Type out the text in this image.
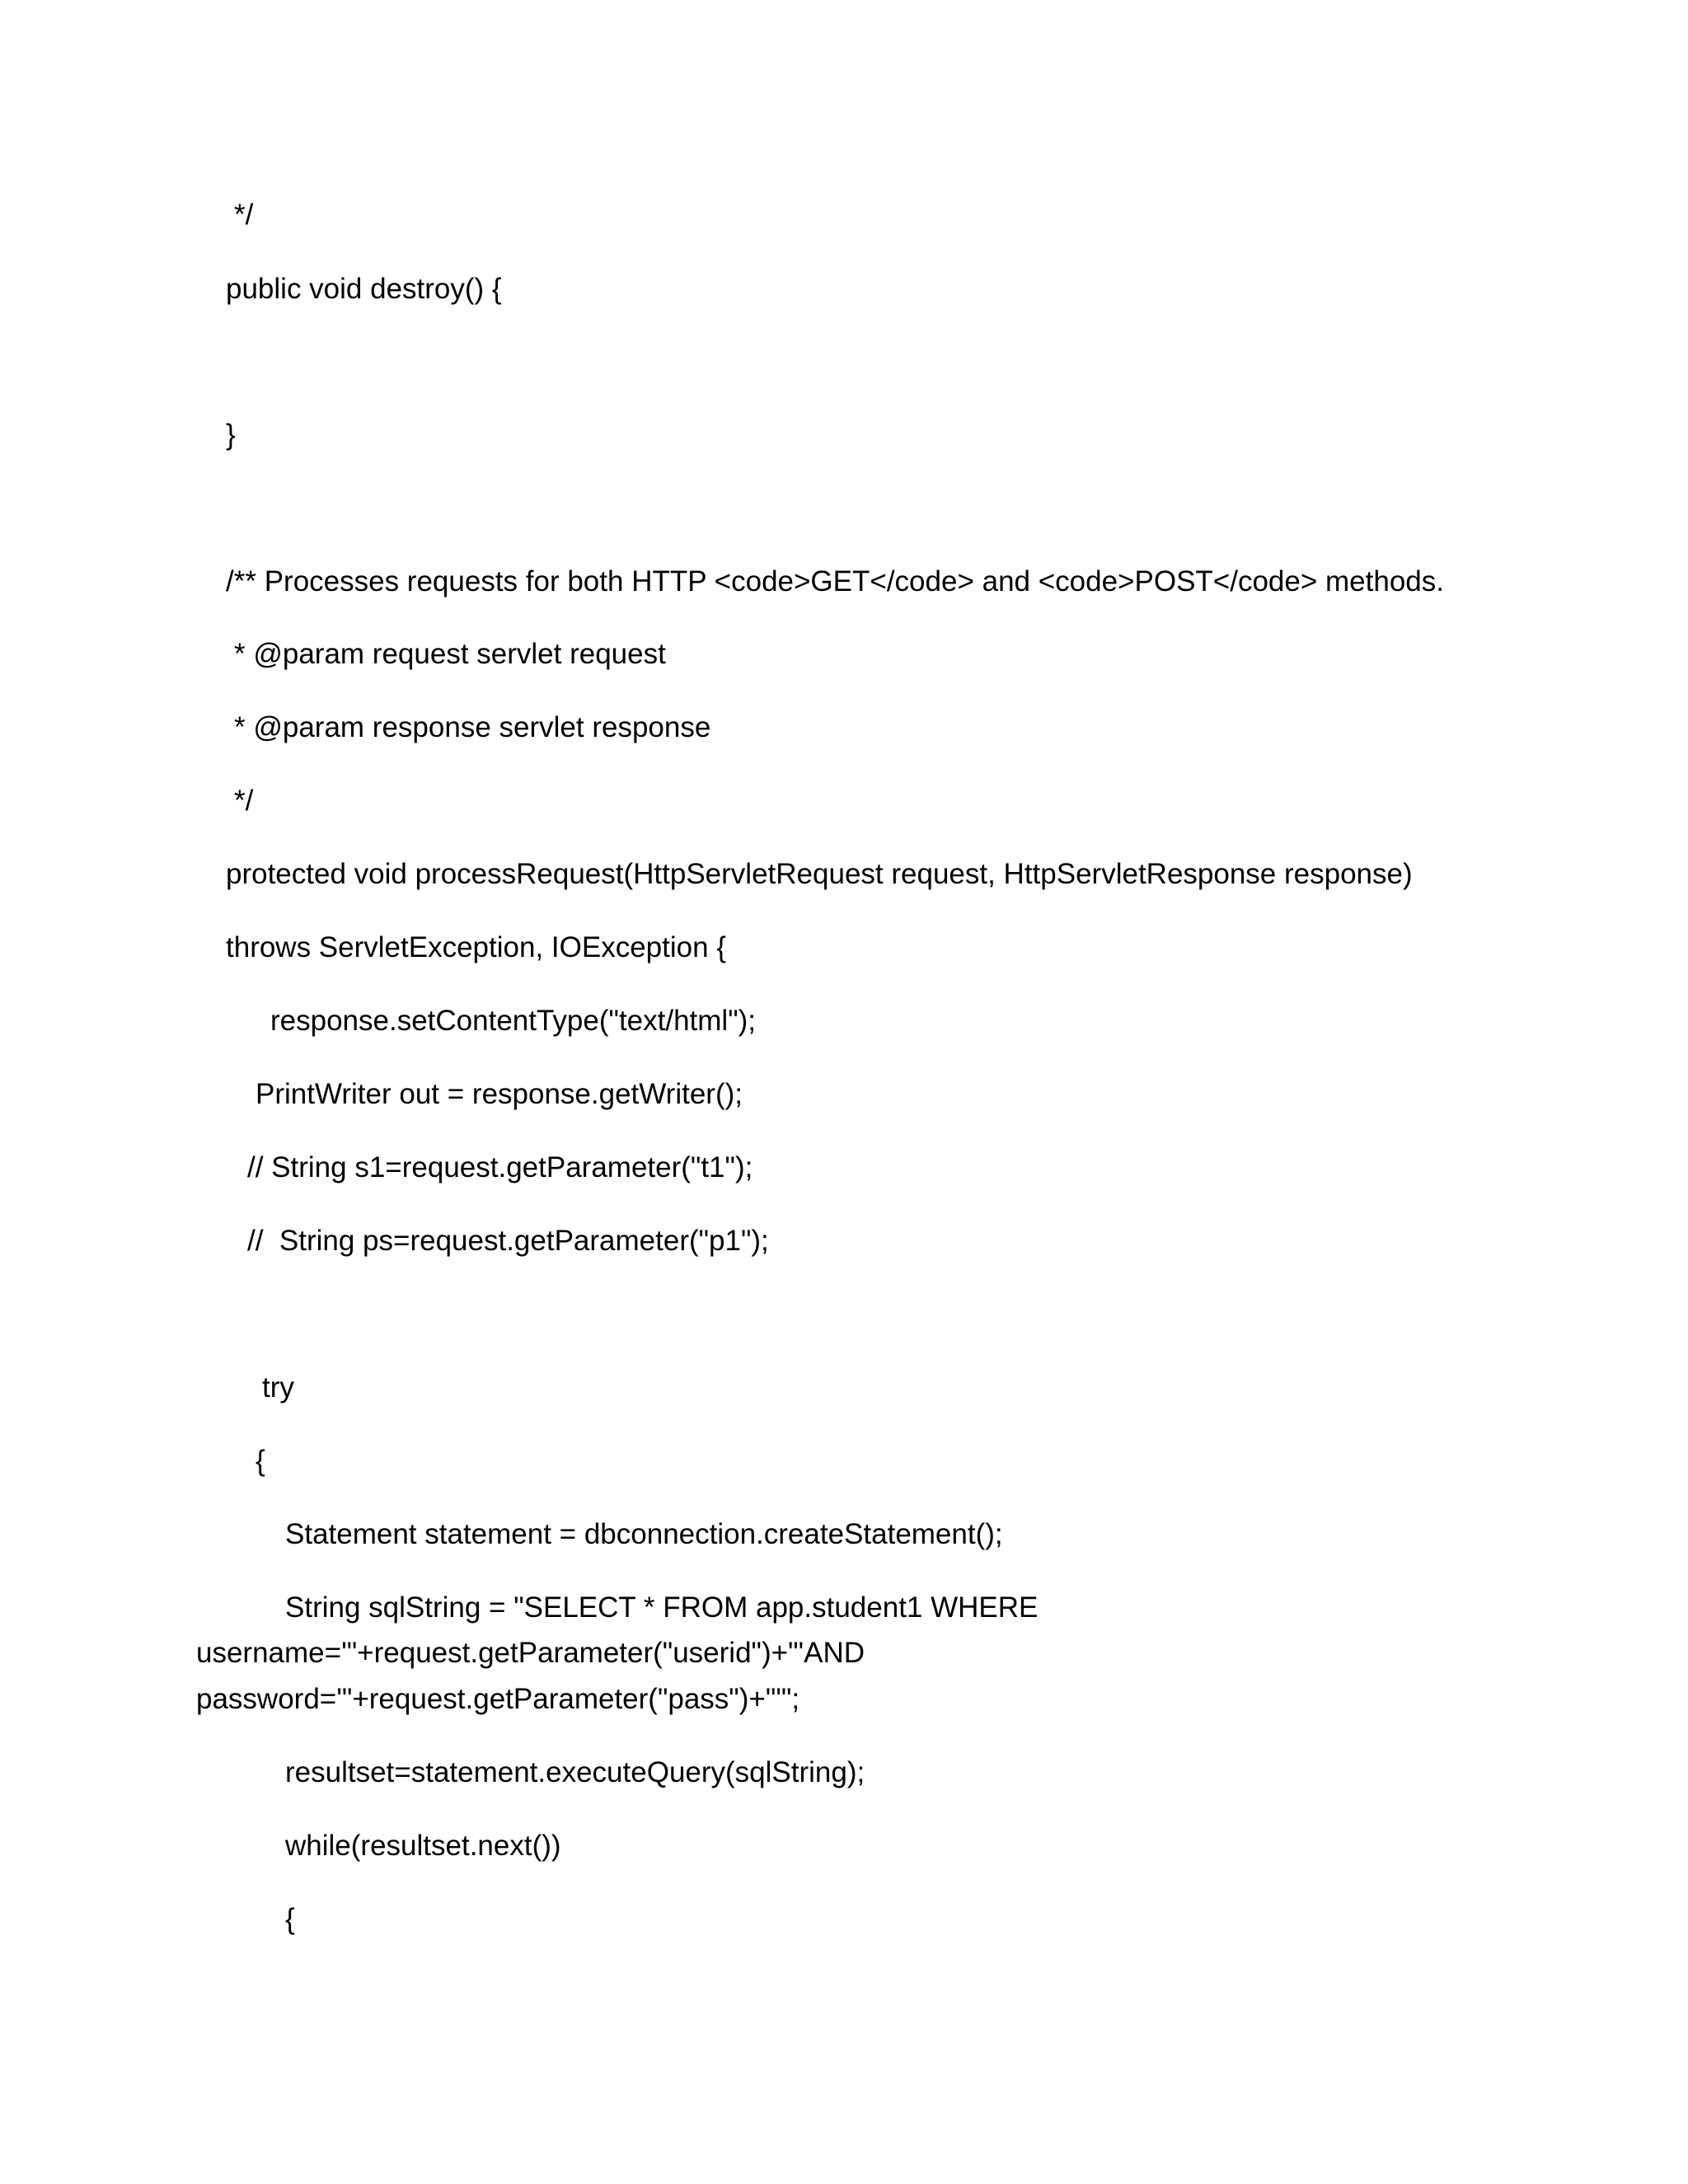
*/

public void destroy() {

}

/** Processes requests for both HTTP <code>GET</code> and <code>POST</code> methods.

* @param request servlet request

* @param response servlet response

*/

protected void processRequest(HttpServletRequest request, HttpServletResponse response)

throws ServletException, IOException {

response.setContentType("text/html");

PrintWriter out = response.getWriter();

// String s1=request.getParameter("t1");

//  String ps=request.getParameter("p1");

try

{

Statement statement = dbconnection.createStatement();

String sqlString = "SELECT * FROM app.student1 WHERE

username='"+request.getParameter("userid")+"'AND

password='"+request.getParameter("pass")+"'";

resultset=statement.executeQuery(sqlString);

while(resultset.next())

{
